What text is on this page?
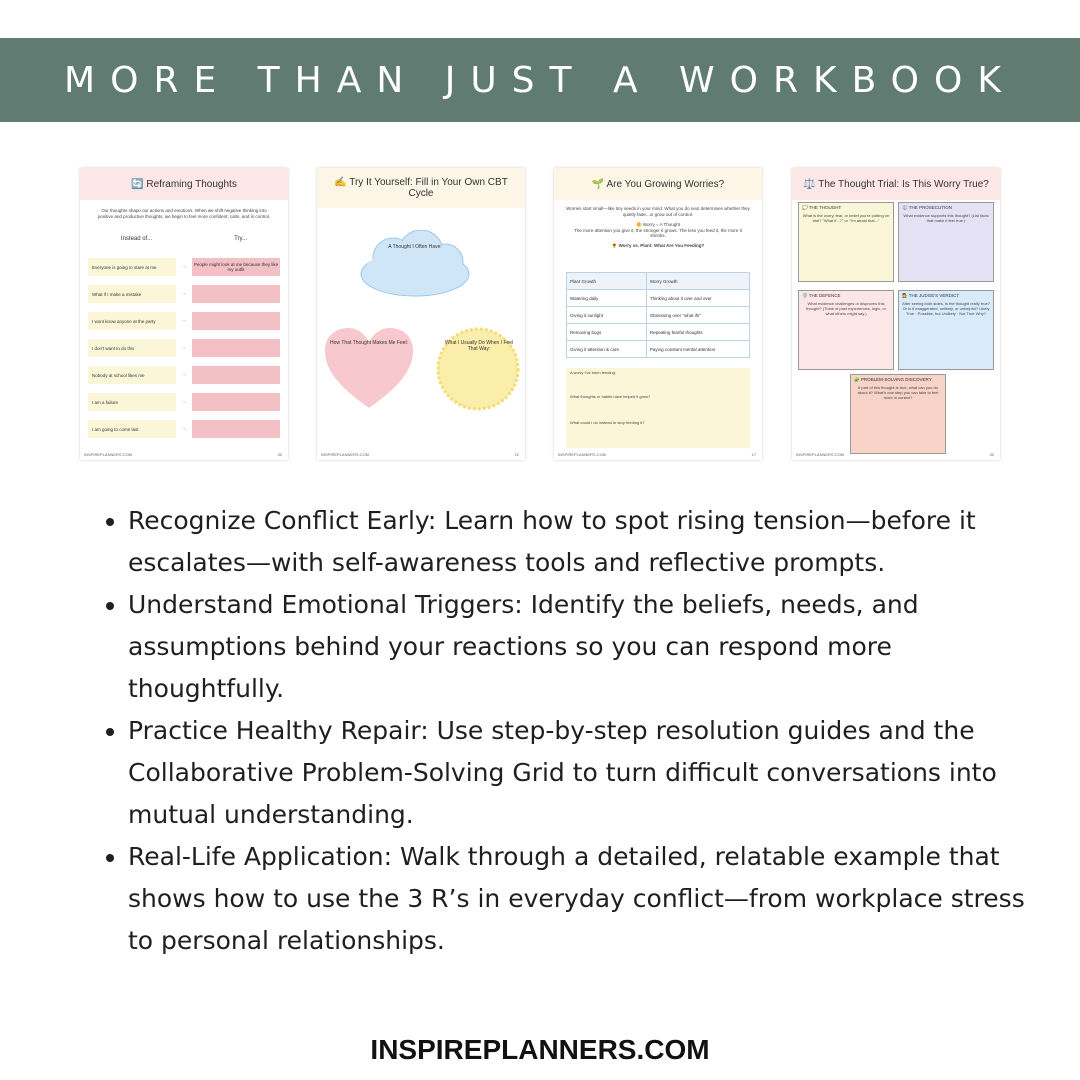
MORE THAN JUST A WORKBOOK
🔄 Reframing Thoughts
Our thoughts shape our actions and emotions. When we shift negative thinking into positive and productive thoughts, we begin to feel more confident, calm, and in control.
Instead of...	Try...
Everyone is going to stare at me	→	People might look at me because they like my outfit
What if I make a mistake	→
I wont know anyone at the party	→
I don't want to do this	→
Nobody at school likes me	→
I am a failure	→
I am going to come last	→
INSPIREPLANNERS.COM	30
✍️ Try It Yourself: Fill in Your Own CBT Cycle
A Thought I Often Have:
How That Thought Makes Me Feel:	What I Usually Do When I Feel That Way:
INSPIREPLANNERS.COM	22
🌱 Are You Growing Worries?
Worries start small—like tiny seeds in your mind. What you do next determines whether they quietly fade...or grow out of control.
🌼 Worry = A Thought
The more attention you give it, the stronger it grows. The less you feed it, the more it shrinks.
🌻 Worry vs. Plant: What Are You Feeding?
Plant Growth	Worry Growth
Watering daily	Thinking about it over and over
Giving it sunlight	Obsessing over "what ifs"
Removing bugs	Repeating fearful thoughts
Giving it attention & care	Paying constant mental attention
A worry I've been feeding:
What thoughts or habits have helped it grow?
What could I do instead to stop feeding it?
INSPIREPLANNERS.COM	17
⚖️ The Thought Trial: Is This Worry True?
💭 THE THOUGHT
What is the worry, fear, or belief you're putting on trial? "What if...?" or "I'm afraid that..."
⚖️ THE PROSECUTION
What evidence supports this thought? (List facts that make it feel true.)
🛡️ THE DEFENCE
What evidence challenges or disproves this thought? (Think of past experiences, logic, or what others might say.)
🧑‍⚖️ THE JUDGE'S VERDICT
After seeing both sides, is the thought really true? Or is it exaggerated, unlikely, or unhelpful? Likely True · Possible, but Unlikely · Not True Why?
🧩 PROBLEM-SOLVING DISCOVERY
If part of this thought is true, what can you do about it? What's one step you can take to feel more in control?
INSPIREPLANNERS.COM	30
• Recognize Conflict Early: Learn how to spot rising tension—before it escalates—with self-awareness tools and reflective prompts.
• Understand Emotional Triggers: Identify the beliefs, needs, and assumptions behind your reactions so you can respond more thoughtfully.
• Practice Healthy Repair: Use step-by-step resolution guides and the Collaborative Problem-Solving Grid to turn difficult conversations into mutual understanding.
• Real-Life Application: Walk through a detailed, relatable example that shows how to use the 3 R’s in everyday conflict—from workplace stress to personal relationships.
INSPIREPLANNERS.COM
